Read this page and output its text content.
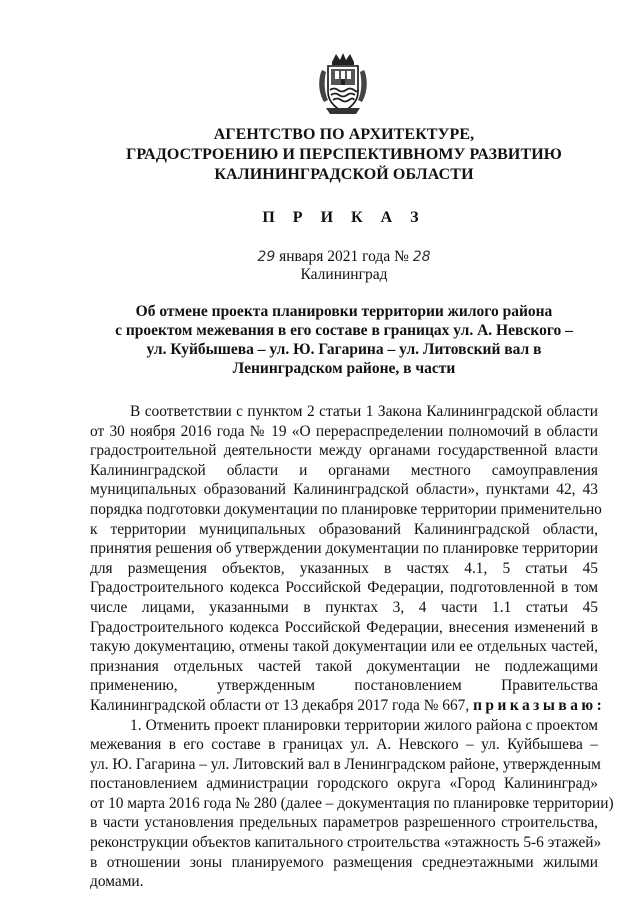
АГЕНТСТВО ПО АРХИТЕКТУРЕ,
ГРАДОСТРОЕНИЮ И ПЕРСПЕКТИВНОМУ РАЗВИТИЮ
КАЛИНИНГРАДСКОЙ ОБЛАСТИ
П Р И К А З
29 января 2021 года № 28
Калининград
Об отмене проекта планировки территории жилого района
с проектом межевания в его составе в границах ул. А. Невского –
ул. Куйбышева – ул. Ю. Гагарина – ул. Литовский вал в
Ленинградском районе, в части
В соответствии с пунктом 2 статьи 1 Закона Калининградской области
от 30 ноября 2016 года № 19 «О перераспределении полномочий в области
градостроительной деятельности между органами государственной власти
Калининградской области и органами местного самоуправления
муниципальных образований Калининградской области», пунктами 42, 43
порядка подготовки документации по планировке территории применительно
к территории муниципальных образований Калининградской области,
принятия решения об утверждении документации по планировке территории
для размещения объектов, указанных в частях 4.1, 5 статьи 45
Градостроительного кодекса Российской Федерации, подготовленной в том
числе лицами, указанными в пунктах 3, 4 части 1.1 статьи 45
Градостроительного кодекса Российской Федерации, внесения изменений в
такую документацию, отмены такой документации или ее отдельных частей,
признания отдельных частей такой документации не подлежащими
применению, утвержденным постановлением Правительства
Калининградской области от 13 декабря 2017 года № 667, приказываю:
1. Отменить проект планировки территории жилого района с проектом
межевания в его составе в границах ул. А. Невского – ул. Куйбышева –
ул. Ю. Гагарина – ул. Литовский вал в Ленинградском районе, утвержденным
постановлением администрации городского округа «Город Калининград»
от 10 марта 2016 года № 280 (далее – документация по планировке территории)
в части установления предельных параметров разрешенного строительства,
реконструкции объектов капитального строительства «этажность 5-6 этажей»
в отношении зоны планируемого размещения среднеэтажными жилыми
домами.
